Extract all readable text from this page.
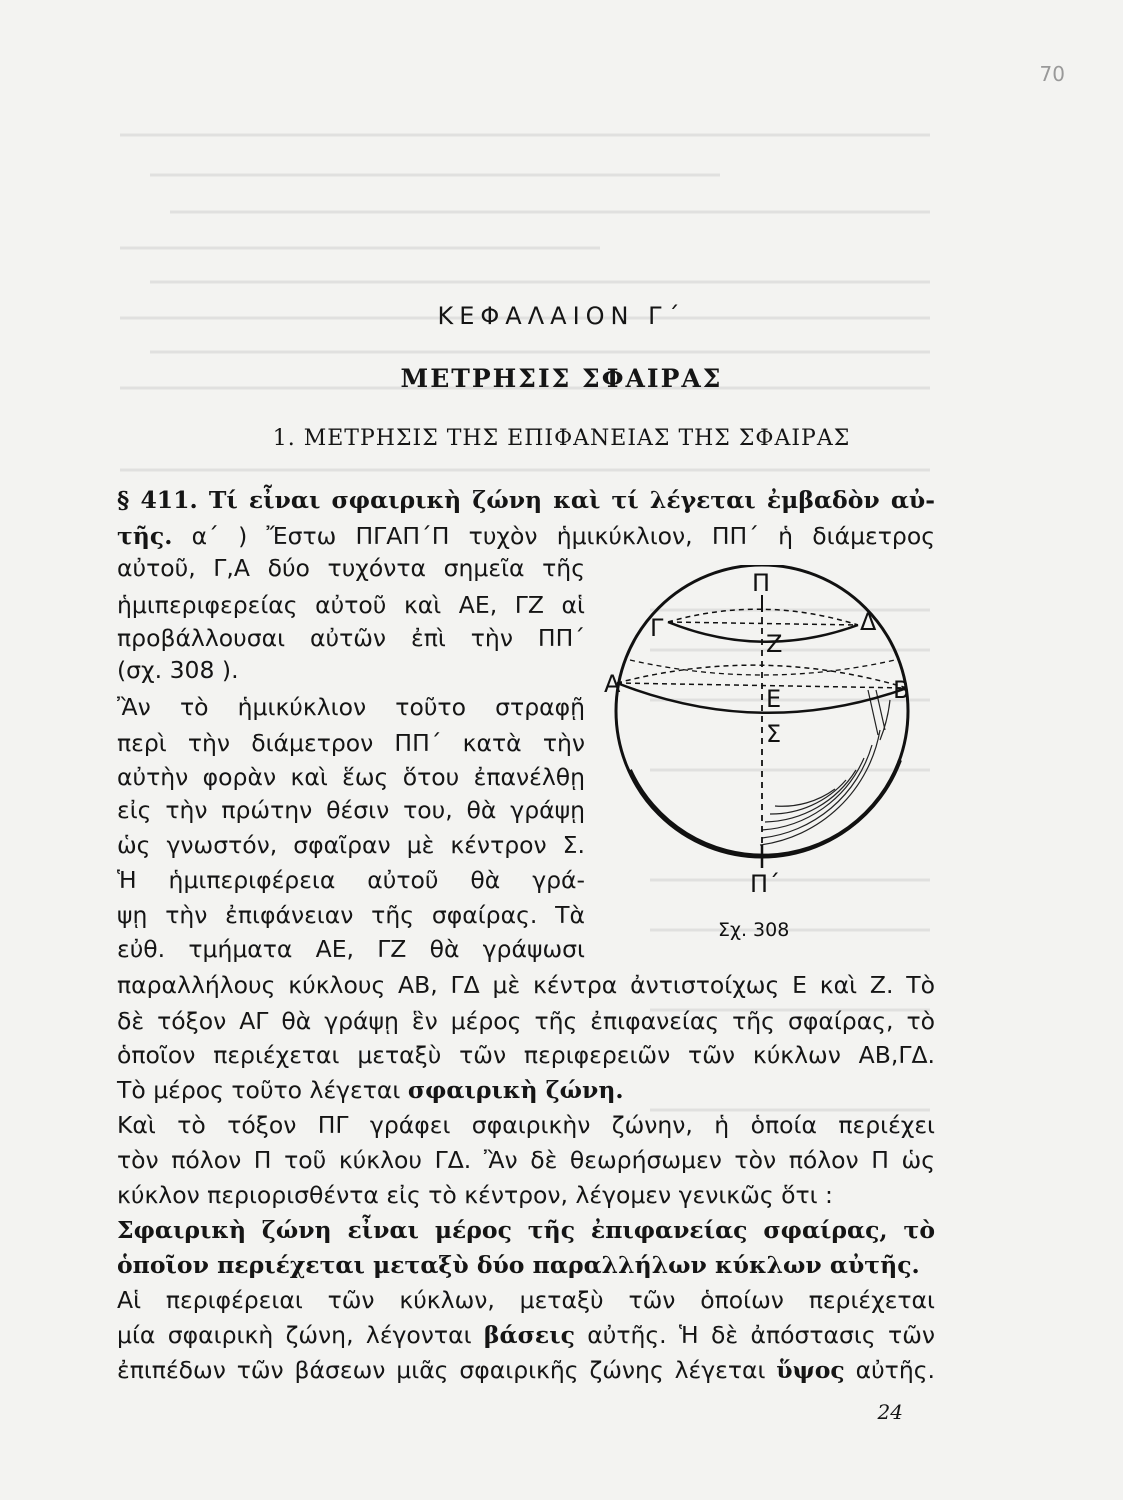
70
ΚΕΦΑΛΑΙΟΝ Γ΄
ΜΕΤΡΗΣΙΣ ΣΦΑΙΡΑΣ
1. ΜΕΤΡΗΣΙΣ ΤΗΣ ΕΠΙΦΑΝΕΙΑΣ ΤΗΣ ΣΦΑΙΡΑΣ
§ 411. Τί εἶναι σφαιρικὴ ζώνη καὶ τί λέγεται ἐμβαδὸν αὐ-
τῆς. α΄ ) Ἔστω ΠΓΑΠ΄Π τυχὸν ἡμικύκλιον, ΠΠ΄ ἡ διάμετρος
αὐτοῦ, Γ,Α δύο τυχόντα σημεῖα τῆς
ἡμιπεριφερείας αὐτοῦ καὶ ΑΕ, ΓΖ αἱ
προβάλλουσαι αὐτῶν ἐπὶ τὴν ΠΠ΄
(σχ. 308 ).
Ἂν τὸ ἡμικύκλιον τοῦτο στραφῇ
περὶ τὴν διάμετρον ΠΠ΄ κατὰ τὴν
αὐτὴν φορὰν καὶ ἕως ὅτου ἐπανέλθῃ
εἰς τὴν πρώτην θέσιν του, θὰ γράψῃ
ὡς γνωστόν, σφαῖραν μὲ κέντρον Σ.
Ἡ ἡμιπεριφέρεια αὐτοῦ θὰ γρά-
ψῃ τὴν ἐπιφάνειαν τῆς σφαίρας. Τὰ
εὐθ. τμήματα ΑΕ, ΓΖ θὰ γράψωσι
παραλλήλους κύκλους ΑΒ, ΓΔ μὲ κέντρα ἀντιστοίχως Ε καὶ Ζ. Τὸ
δὲ τόξον ΑΓ θὰ γράψῃ ἓν μέρος τῆς ἐπιφανείας τῆς σφαίρας, τὸ
ὁποῖον περιέχεται μεταξὺ τῶν περιφερειῶν τῶν κύκλων ΑΒ,ΓΔ.
Τὸ μέρος τοῦτο λέγεται σφαιρικὴ ζώνη.
Καὶ τὸ τόξον ΠΓ γράφει σφαιρικὴν ζώνην, ἡ ὁποία περιέχει
τὸν πόλον Π τοῦ κύκλου ΓΔ. Ἂν δὲ θεωρήσωμεν τὸν πόλον Π ὡς
κύκλον περιορισθέντα εἰς τὸ κέντρον, λέγομεν γενικῶς ὅτι :
Σφαιρικὴ ζώνη εἶναι μέρος τῆς ἐπιφανείας σφαίρας, τὸ
ὁποῖον περιέχεται μεταξὺ δύο παραλλήλων κύκλων αὐτῆς.
Αἱ περιφέρειαι τῶν κύκλων, μεταξὺ τῶν ὁποίων περιέχεται
μία σφαιρικὴ ζώνη, λέγονται βάσεις αὐτῆς. Ἡ δὲ ἀπόστασις τῶν
ἐπιπέδων τῶν βάσεων μιᾶς σφαιρικῆς ζώνης λέγεται ὕψος αὐτῆς.
Π
Γ	Δ
Ζ
Α	Β
Ε
Σ
Π΄
Σχ. 308
24
